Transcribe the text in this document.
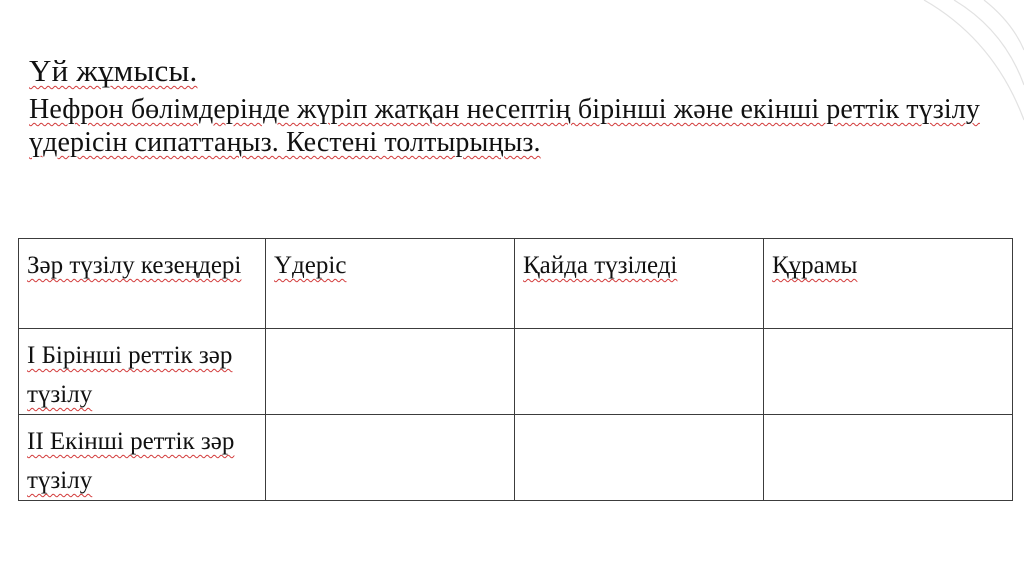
Үй жұмысы.

Нефрон бөлімдерінде жүріп жатқан несептің бірінші және екінші реттік түзілу үдерісін сипаттаңыз. Кестені толтырыңыз.

Зәр түзілу кезеңдері	Үдеріс	Қайда түзіледі	Құрамы
І Бірінші реттік зәр түзілу			
ІІ Екінші реттік зәр түзілу			
